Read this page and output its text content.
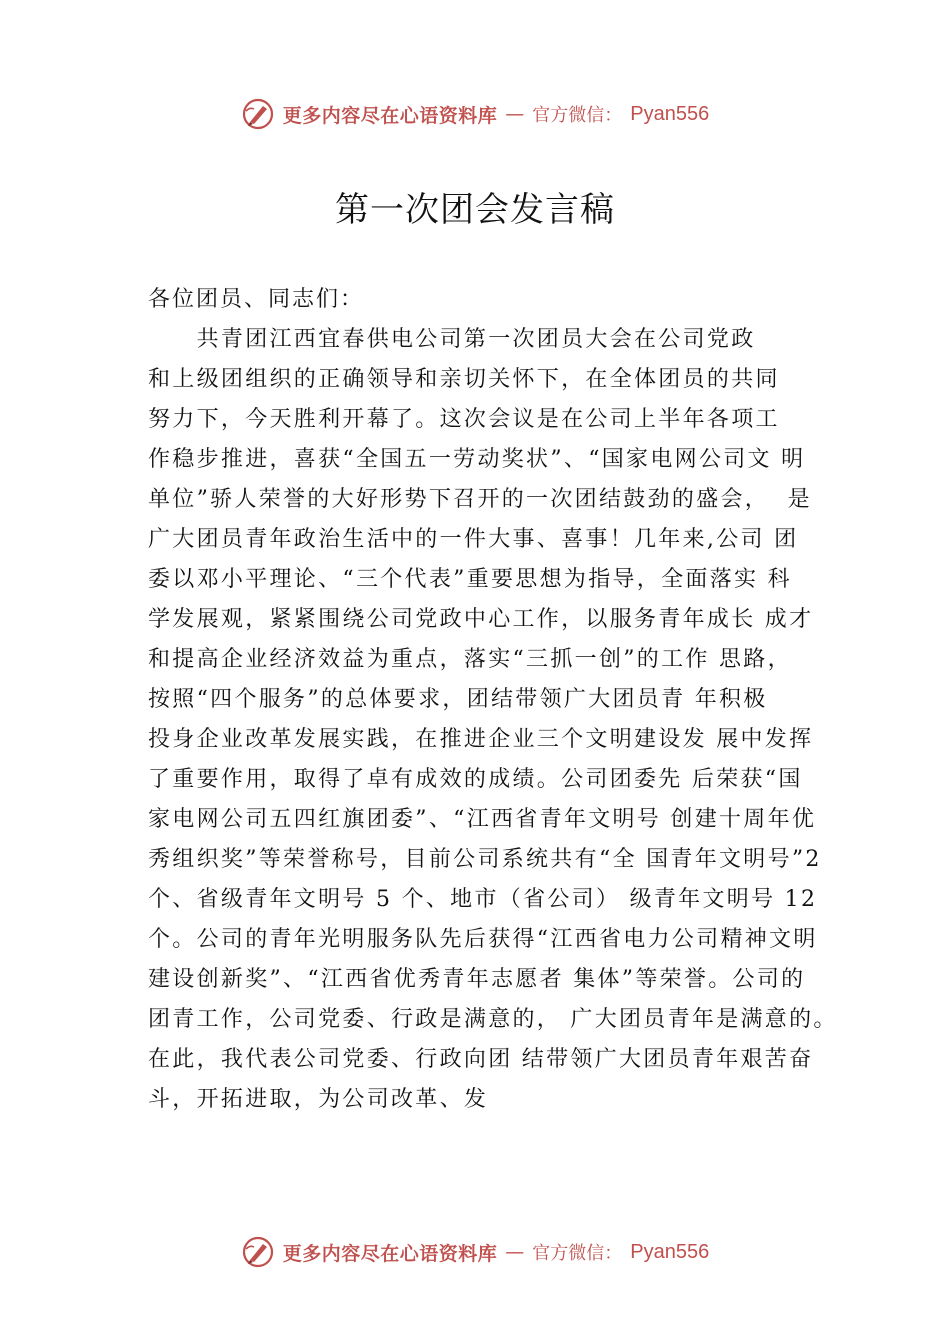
更多内容尽在心语资料库 — 官方微信： Pyan556
第一次团会发言稿

各位团员、同志们：

　　共青团江西宜春供电公司第一次团员大会在公司党政
和上级团组织的正确领导和亲切关怀下，在全体团员的共同
努力下，今天胜利开幕了。这次会议是在公司上半年各项工
作稳步推进，喜获“全国五一劳动奖状”、“国家电网公司文 明
单位”骄人荣誉的大好形势下召开的一次团结鼓劲的盛会，  是
广大团员青年政治生活中的一件大事、喜事！几年来,公司 团
委以邓小平理论、“三个代表”重要思想为指导，全面落实 科
学发展观，紧紧围绕公司党政中心工作，以服务青年成长 成才
和提高企业经济效益为重点，落实“三抓一创”的工作 思路，
按照“四个服务”的总体要求，团结带领广大团员青 年积极
投身企业改革发展实践，在推进企业三个文明建设发 展中发挥
了重要作用，取得了卓有成效的成绩。公司团委先 后荣获“国
家电网公司五四红旗团委”、“江西省青年文明号 创建十周年优
秀组织奖”等荣誉称号，目前公司系统共有“全 国青年文明号”2
个、省级青年文明号 5 个、地市（省公司） 级青年文明号 12
个。公司的青年光明服务队先后获得“江西省电力公司精神文明
建设创新奖”、“江西省优秀青年志愿者 集体”等荣誉。公司的
团青工作，公司党委、行政是满意的， 广大团员青年是满意的。
在此，我代表公司党委、行政向团 结带领广大团员青年艰苦奋
斗，开拓进取，为公司改革、发
更多内容尽在心语资料库 — 官方微信： Pyan556
